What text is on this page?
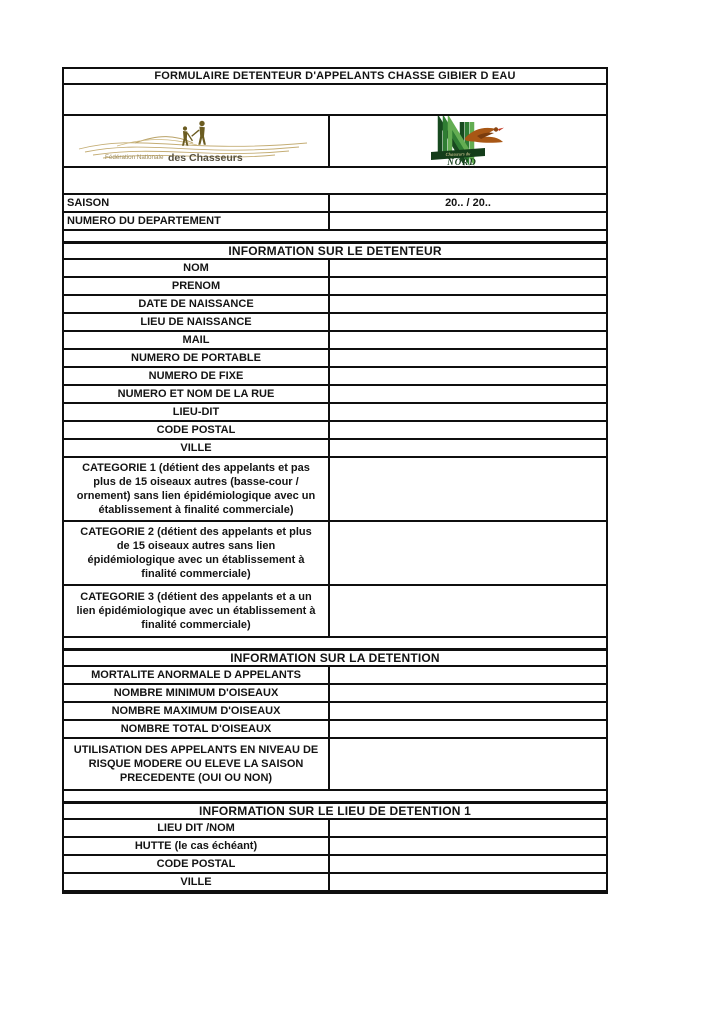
FORMULAIRE DETENTEUR D'APPELANTS CHASSE GIBIER D EAU
Fédération Nationale des Chasseurs	Chasseurs du
NORD
SAISON	20.. / 20..
NUMERO DU DEPARTEMENT
INFORMATION SUR LE DETENTEUR
NOM
PRENOM
DATE DE NAISSANCE
LIEU DE NAISSANCE
MAIL
NUMERO DE PORTABLE
NUMERO DE FIXE
NUMERO ET NOM DE LA RUE
LIEU-DIT
CODE POSTAL
VILLE
CATEGORIE 1 (détient des appelants et pas plus de 15 oiseaux autres (basse-cour / ornement) sans lien épidémiologique avec un établissement à finalité commerciale)
CATEGORIE 2 (détient des appelants et plus de 15 oiseaux autres sans lien épidémiologique avec un établissement à finalité commerciale)
CATEGORIE 3 (détient des appelants et a un lien épidémiologique avec un établissement à finalité commerciale)
INFORMATION SUR LA DETENTION
MORTALITE ANORMALE D APPELANTS
NOMBRE MINIMUM D'OISEAUX
NOMBRE MAXIMUM D'OISEAUX
NOMBRE TOTAL D'OISEAUX
UTILISATION DES APPELANTS EN NIVEAU DE RISQUE MODERE OU ELEVE LA SAISON PRECEDENTE (OUI OU NON)
INFORMATION SUR LE LIEU DE DETENTION 1
LIEU DIT /NOM
HUTTE (le cas échéant)
CODE POSTAL
VILLE
